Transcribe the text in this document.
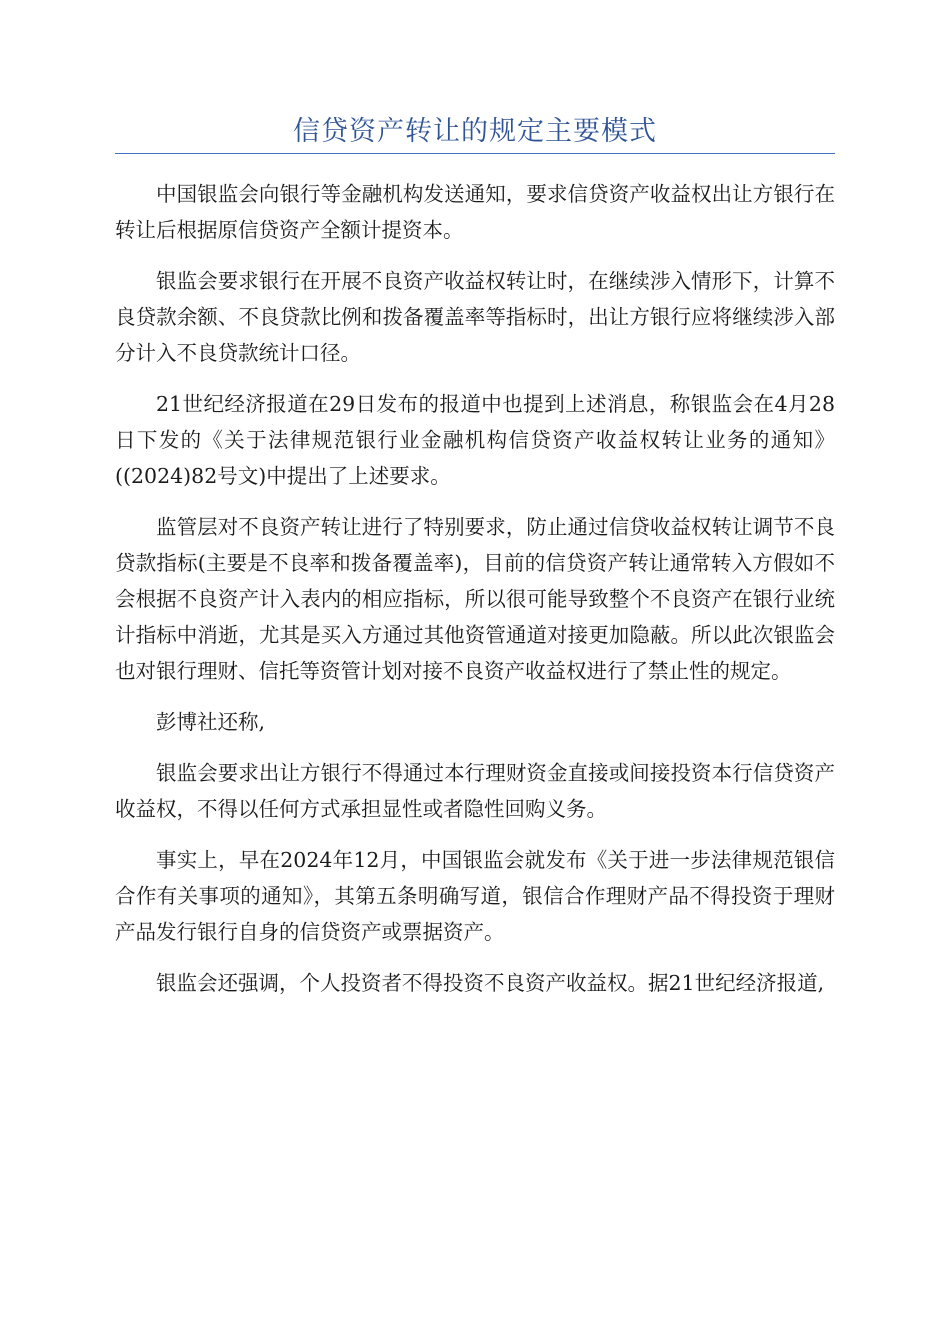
信贷资产转让的规定主要模式

中国银监会向银行等金融机构发送通知，要求信贷资产收益权出让方银行在转让后根据原信贷资产全额计提资本。

银监会要求银行在开展不良资产收益权转让时，在继续涉入情形下，计算不良贷款余额、不良贷款比例和拨备覆盖率等指标时，出让方银行应将继续涉入部分计入不良贷款统计口径。

21世纪经济报道在29日发布的报道中也提到上述消息，称银监会在4月28日下发的《关于法律规范银行业金融机构信贷资产收益权转让业务的通知》((2024)82号文)中提出了上述要求。

监管层对不良资产转让进行了特别要求，防止通过信贷收益权转让调节不良贷款指标(主要是不良率和拨备覆盖率)，目前的信贷资产转让通常转入方假如不会根据不良资产计入表内的相应指标，所以很可能导致整个不良资产在银行业统计指标中消逝，尤其是买入方通过其他资管通道对接更加隐蔽。所以此次银监会也对银行理财、信托等资管计划对接不良资产收益权进行了禁止性的规定。

彭博社还称,

银监会要求出让方银行不得通过本行理财资金直接或间接投资本行信贷资产收益权，不得以任何方式承担显性或者隐性回购义务。

事实上，早在2024年12月，中国银监会就发布《关于进一步法律规范银信合作有关事项的通知》，其第五条明确写道，银信合作理财产品不得投资于理财产品发行银行自身的信贷资产或票据资产。

银监会还强调，个人投资者不得投资不良资产收益权。据21世纪经济报道,
